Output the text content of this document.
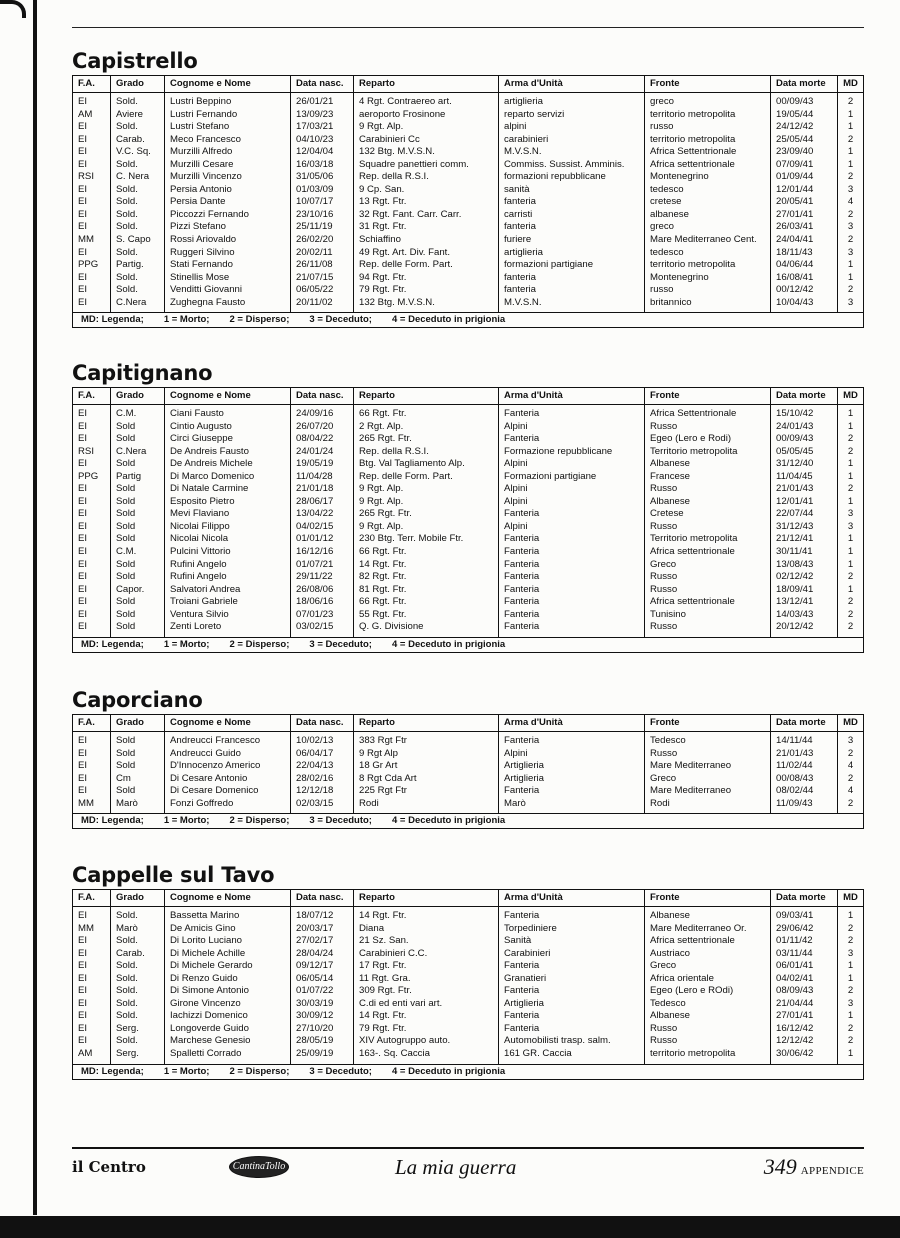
Capistrello
F.A.	Grado	Cognome e Nome	Data nasc.	Reparto	Arma d'Unità	Fronte	Data morte	MD
EI	Sold.	Lustri Beppino	26/01/21	4 Rgt. Contraereo art.	artiglieria	greco	00/09/43	2
AM	Aviere	Lustri Fernando	13/09/23	aeroporto Frosinone	reparto servizi	territorio metropolita	19/05/44	1
EI	Sold.	Lustri Stefano	17/03/21	9 Rgt. Alp.	alpini	russo	24/12/42	1
EI	Carab.	Meco Francesco	04/10/23	Carabinieri Cc	carabinieri	territorio metropolita	25/05/44	2
EI	V.C. Sq.	Murzilli Alfredo	12/04/04	132 Btg. M.V.S.N.	M.V.S.N.	Africa Settentrionale	23/09/40	1
EI	Sold.	Murzilli Cesare	16/03/18	Squadre panettieri comm.	Commiss. Sussist. Amminis.	Africa settentrionale	07/09/41	1
RSI	C. Nera	Murzilli Vincenzo	31/05/06	Rep. della R.S.I.	formazioni repubblicane	Montenegrino	01/09/44	2
EI	Sold.	Persia Antonio	01/03/09	9 Cp. San.	sanità	tedesco	12/01/44	3
EI	Sold.	Persia Dante	10/07/17	13 Rgt. Ftr.	fanteria	cretese	20/05/41	4
EI	Sold.	Piccozzi Fernando	23/10/16	32 Rgt. Fant. Carr. Carr.	carristi	albanese	27/01/41	2
EI	Sold.	Pizzi Stefano	25/11/19	31 Rgt. Ftr.	fanteria	greco	26/03/41	3
MM	S. Capo	Rossi Ariovaldo	26/02/20	Schiaffino	furiere	Mare Mediterraneo Cent.	24/04/41	2
EI	Sold.	Ruggeri Silvino	20/02/11	49 Rgt. Art. Div. Fant.	artiglieria	tedesco	18/11/43	3
PPG	Partig.	Stati Fernando	26/11/08	Rep. delle Form. Part.	formazioni partigiane	territorio metropolita	04/06/44	1
EI	Sold.	Stinellis Mose	21/07/15	94 Rgt. Ftr.	fanteria	Montenegrino	16/08/41	1
EI	Sold.	Venditti Giovanni	06/05/22	79 Rgt. Ftr.	fanteria	russo	00/12/42	2
EI	C.Nera	Zughegna Fausto	20/11/02	132 Btg. M.V.S.N.	M.V.S.N.	britannico	10/04/43	3
MD: Legenda; 1 = Morto; 2 = Disperso; 3 = Deceduto; 4 = Deceduto in prigionia
Capitignano
F.A.	Grado	Cognome e Nome	Data nasc.	Reparto	Arma d'Unità	Fronte	Data morte	MD
EI	C.M.	Ciani Fausto	24/09/16	66 Rgt. Ftr.	Fanteria	Africa Settentrionale	15/10/42	1
EI	Sold	Cintio Augusto	26/07/20	2 Rgt. Alp.	Alpini	Russo	24/01/43	1
EI	Sold	Circi Giuseppe	08/04/22	265 Rgt. Ftr.	Fanteria	Egeo (Lero e Rodi)	00/09/43	2
RSI	C.Nera	De Andreis Fausto	24/01/24	Rep. della R.S.I.	Formazione repubblicane	Territorio metropolita	05/05/45	2
EI	Sold	De Andreis Michele	19/05/19	Btg. Val Tagliamento Alp.	Alpini	Albanese	31/12/40	1
PPG	Partig	Di Marco Domenico	11/04/28	Rep. delle Form. Part.	Formazioni partigiane	Francese	11/04/45	1
EI	Sold	Di Natale Carmine	21/01/18	9 Rgt. Alp.	Alpini	Russo	21/01/43	2
EI	Sold	Esposito Pietro	28/06/17	9 Rgt. Alp.	Alpini	Albanese	12/01/41	1
EI	Sold	Mevi Flaviano	13/04/22	265 Rgt. Ftr.	Fanteria	Cretese	22/07/44	3
EI	Sold	Nicolai Filippo	04/02/15	9 Rgt. Alp.	Alpini	Russo	31/12/43	3
EI	Sold	Nicolai Nicola	01/01/12	230 Btg. Terr. Mobile Ftr.	Fanteria	Territorio metropolita	21/12/41	1
EI	C.M.	Pulcini Vittorio	16/12/16	66 Rgt. Ftr.	Fanteria	Africa settentrionale	30/11/41	1
EI	Sold	Rufini Angelo	01/07/21	14 Rgt. Ftr.	Fanteria	Greco	13/08/43	1
EI	Sold	Rufini Angelo	29/11/22	82 Rgt. Ftr.	Fanteria	Russo	02/12/42	2
EI	Capor.	Salvatori Andrea	26/08/06	81 Rgt. Ftr.	Fanteria	Russo	18/09/41	1
EI	Sold	Troiani Gabriele	18/06/16	66 Rgt. Ftr.	Fanteria	Africa settentrionale	13/12/41	2
EI	Sold	Ventura Silvio	07/01/23	55 Rgt. Ftr.	Fanteria	Tunisino	14/03/43	2
EI	Sold	Zenti Loreto	03/02/15	Q. G. Divisione	Fanteria	Russo	20/12/42	2
MD: Legenda; 1 = Morto; 2 = Disperso; 3 = Deceduto; 4 = Deceduto in prigionia
Caporciano
F.A.	Grado	Cognome e Nome	Data nasc.	Reparto	Arma d'Unità	Fronte	Data morte	MD
EI	Sold	Andreucci Francesco	10/02/13	383 Rgt Ftr	Fanteria	Tedesco	14/11/44	3
EI	Sold	Andreucci Guido	06/04/17	9 Rgt Alp	Alpini	Russo	21/01/43	2
EI	Sold	D'Innocenzo Americo	22/04/13	18 Gr Art	Artiglieria	Mare Mediterraneo	11/02/44	4
EI	Cm	Di Cesare Antonio	28/02/16	8 Rgt Cda Art	Artiglieria	Greco	00/08/43	2
EI	Sold	Di Cesare Domenico	12/12/18	225 Rgt Ftr	Fanteria	Mare Mediterraneo	08/02/44	4
MM	Marò	Fonzi Goffredo	02/03/15	Rodi	Marò	Rodi	11/09/43	2
MD: Legenda; 1 = Morto; 2 = Disperso; 3 = Deceduto; 4 = Deceduto in prigionia
Cappelle sul Tavo
F.A.	Grado	Cognome e Nome	Data nasc.	Reparto	Arma d'Unità	Fronte	Data morte	MD
EI	Sold.	Bassetta Marino	18/07/12	14 Rgt. Ftr.	Fanteria	Albanese	09/03/41	1
MM	Marò	De Amicis Gino	20/03/17	Diana	Torpediniere	Mare Mediterraneo Or.	29/06/42	2
EI	Sold.	Di Lorito Luciano	27/02/17	21 Sz. San.	Sanità	Africa settentrionale	01/11/42	2
EI	Carab.	Di Michele Achille	28/04/24	Carabinieri C.C.	Carabinieri	Austriaco	03/11/44	3
EI	Sold.	Di Michele Gerardo	09/12/17	17 Rgt. Ftr.	Fanteria	Greco	06/01/41	1
EI	Sold.	Di Renzo Guido	06/05/14	11 Rgt. Gra.	Granatieri	Africa orientale	04/02/41	1
EI	Sold.	Di Simone Antonio	01/07/22	309 Rgt. Ftr.	Fanteria	Egeo (Lero e ROdi)	08/09/43	2
EI	Sold.	Girone Vincenzo	30/03/19	C.di ed enti vari art.	Artiglieria	Tedesco	21/04/44	3
EI	Sold.	Iachizzi Domenico	30/09/12	14 Rgt. Ftr.	Fanteria	Albanese	27/01/41	1
EI	Serg.	Longoverde Guido	27/10/20	79 Rgt. Ftr.	Fanteria	Russo	16/12/42	2
EI	Sold.	Marchese Genesio	28/05/19	XIV Autogruppo auto.	Automobilisti trasp. salm.	Russo	12/12/42	2
AM	Serg.	Spalletti Corrado	25/09/19	163-. Sq. Caccia	161 GR. Caccia	territorio metropolita	30/06/42	1
MD: Legenda; 1 = Morto; 2 = Disperso; 3 = Deceduto; 4 = Deceduto in prigionia
il Centro	CantinaTollo	La mia guerra	349 APPENDICE
